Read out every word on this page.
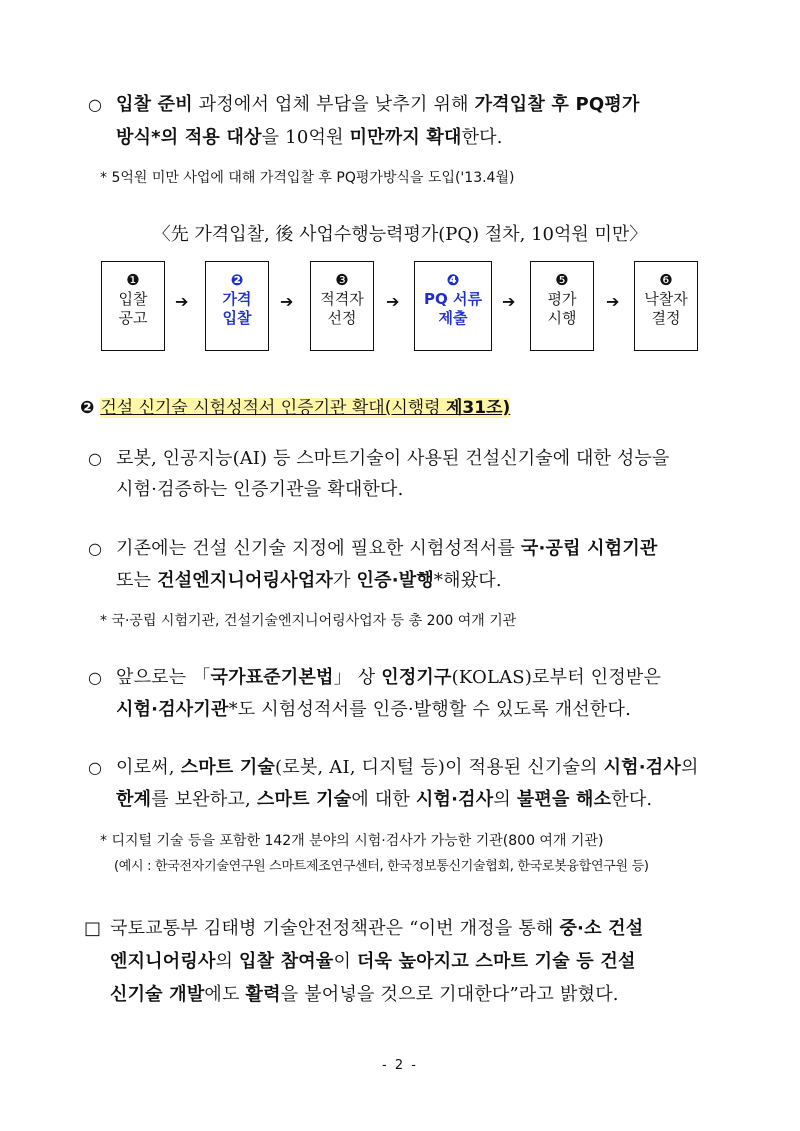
○ 입찰 준비 과정에서 업체 부담을 낮추기 위해 가격입찰 후 PQ평가
방식*의 적용 대상을 10억원 미만까지 확대한다.
* 5억원 미만 사업에 대해 가격입찰 후 PQ평가방식을 도입('13.4월)
〈先 가격입찰, 後 사업수행능력평가(PQ) 절차, 10억원 미만〉
❶
입찰
공고
➔
❷
가격
입찰
➔
❸
적격자
선정
➔
❹
PQ 서류
제출
➔
❺
평가
시행
➔
❻
낙찰자
결정
❷ 건설 신기술 시험성적서 인증기관 확대(시행령 제31조)
○ 로봇, 인공지능(AI) 등 스마트기술이 사용된 건설신기술에 대한 성능을
시험·검증하는 인증기관을 확대한다.
○ 기존에는 건설 신기술 지정에 필요한 시험성적서를 국·공립 시험기관
또는 건설엔지니어링사업자가 인증·발행*해왔다.
* 국·공립 시험기관, 건설기술엔지니어링사업자 등 총 200 여개 기관
○ 앞으로는 「국가표준기본법」 상 인정기구(KOLAS)로부터 인정받은
시험·검사기관*도 시험성적서를 인증·발행할 수 있도록 개선한다.
○ 이로써, 스마트 기술(로봇, AI, 디지털 등)이 적용된 신기술의 시험·검사의
한계를 보완하고, 스마트 기술에 대한 시험·검사의 불편을 해소한다.
* 디지털 기술 등을 포함한 142개 분야의 시험·검사가 가능한 기관(800 여개 기관)
(예시 : 한국전자기술연구원 스마트제조연구센터, 한국정보통신기술협회, 한국로봇융합연구원 등)
□ 국토교통부 김태병 기술안전정책관은 “이번 개정을 통해 중·소 건설
엔지니어링사의 입찰 참여율이 더욱 높아지고 스마트 기술 등 건설
신기술 개발에도 활력을 불어넣을 것으로 기대한다”라고 밝혔다.
- 2 -
